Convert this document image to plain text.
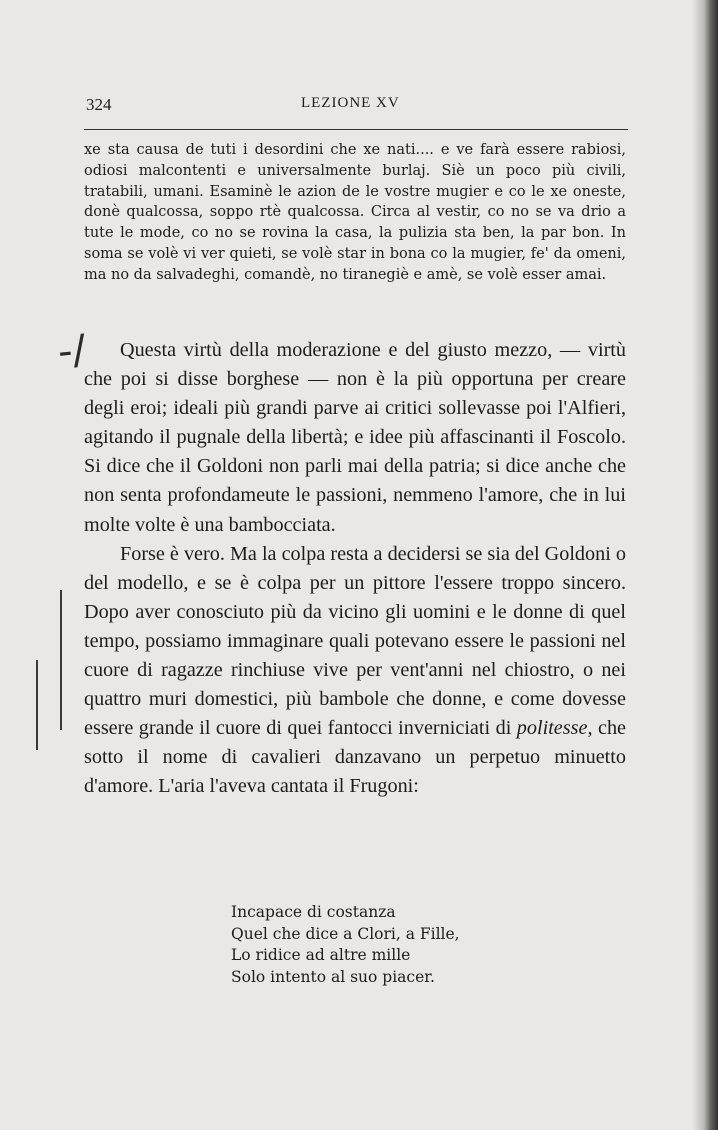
324	LEZIONE XV
xe sta causa de tuti i desordini che xe nati.... e ve farà essere rabiosi, odiosi malcontenti e universalmente burlaj. Siè un poco più civili, tratabili, umani. Esaminè le azion de le vostre mugier e co le xe oneste, donè qualcossa, soppo rtè qualcossa. Circa al vestir, co no se va drio a tute le mode, co no se rovina la casa, la pulizia sta ben, la par bon. In soma se volè vi ver quieti, se volè star in bona co la mugier, fe' da omeni, ma no da salvadeghi, comandè, no tiranegiè e amè, se volè esser amai.
-/	Questa virtù della moderazione e del giusto mezzo, — virtù che poi si disse borghese — non è la più opportuna per creare degli eroi; ideali più grandi parve ai critici sollevasse poi l'Alfieri, agitando il pugnale della libertà; e idee più affascinanti il Foscolo. Si dice che il Goldoni non parli mai della patria; si dice anche che non senta profondameute le passioni, nemmeno l'amore, che in lui molte volte è una bambocciata.

Forse è vero. Ma la colpa resta a decidersi se sia del Goldoni o del modello, e se è colpa per un pittore l'essere troppo sincero. Dopo aver conosciuto più da vicino gli uomini e le donne di quel tempo, possiamo immaginare quali potevano essere le passioni nel cuore di ragazze rinchiuse vive per vent'anni nel chiostro, o nei quattro muri domestici, più bambole che donne, e come dovesse essere grande il cuore di quei fantocci inverniciati di politesse, che sotto il nome di cavalieri danzavano un perpetuo minuetto d'amore. L'aria l'aveva cantata il Frugoni:

Incapace di costanza
Quel che dice a Clori, a Fille,
Lo ridice ad altre mille
Solo intento al suo piacer.
